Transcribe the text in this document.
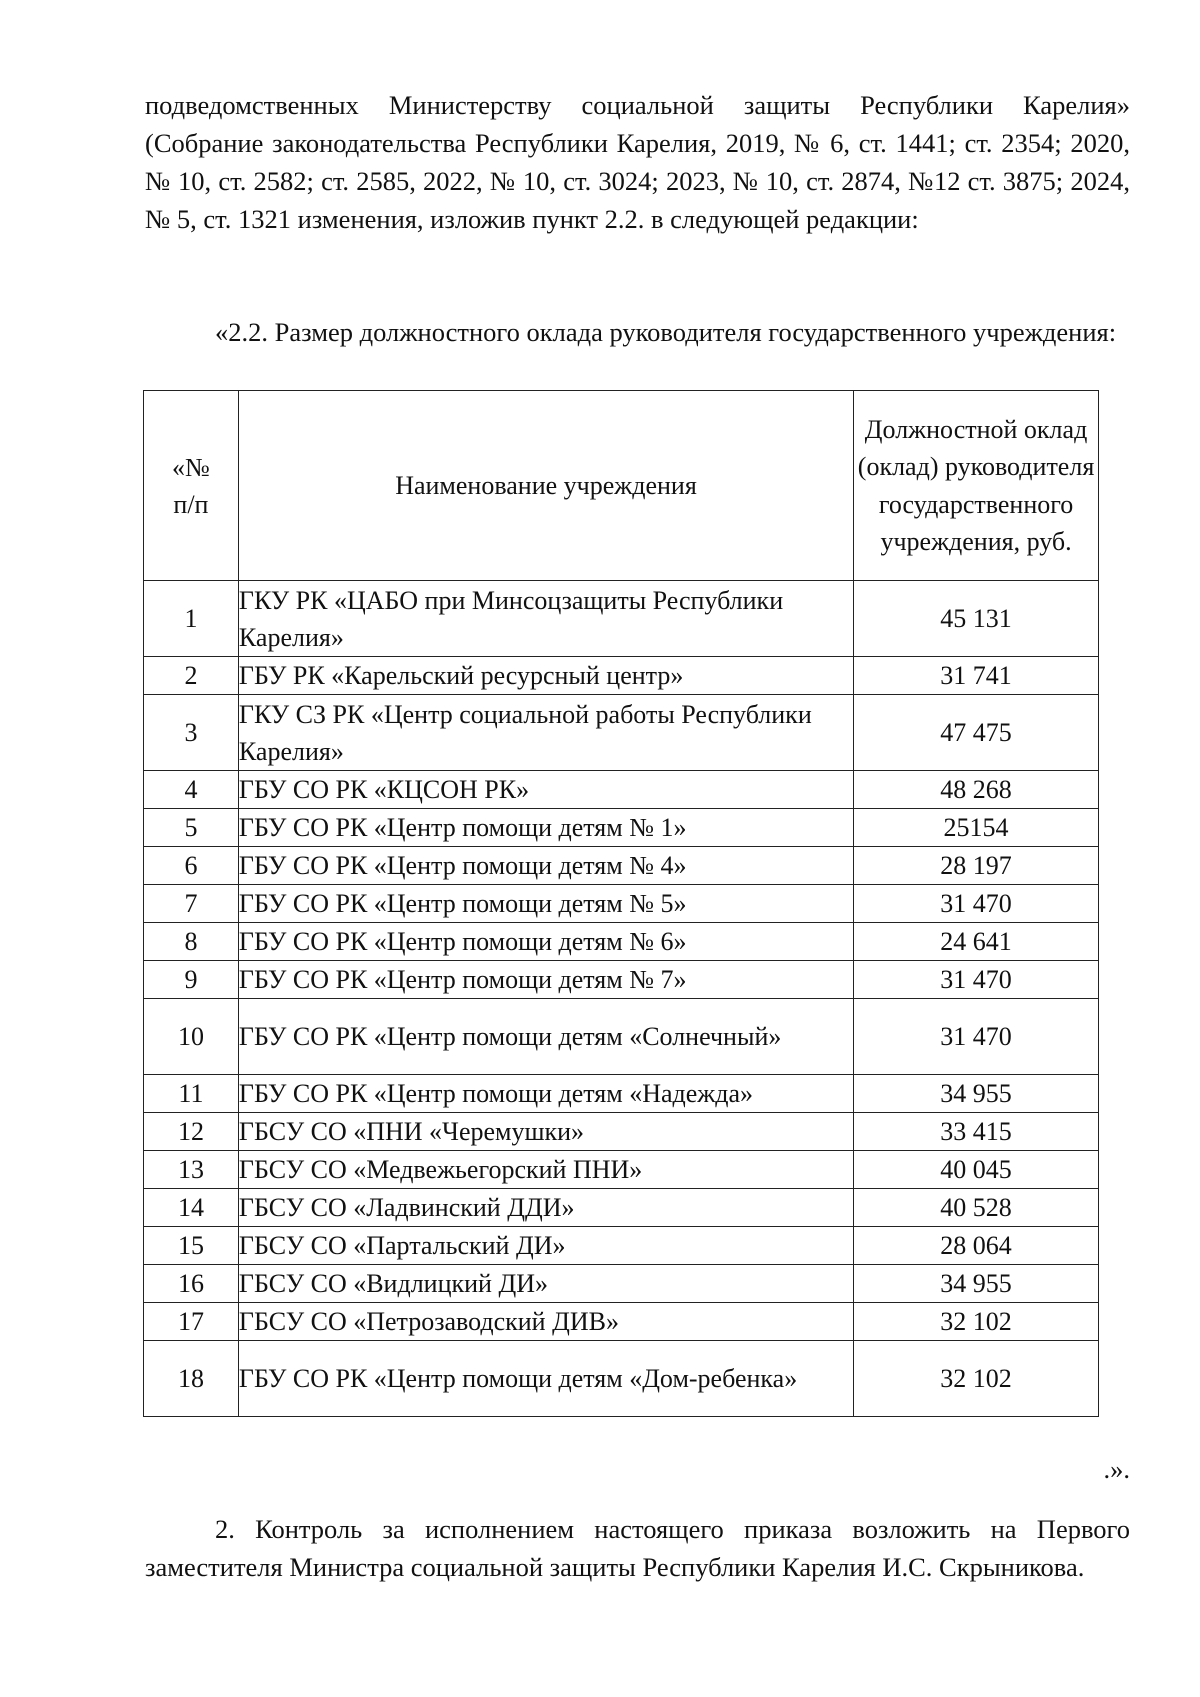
подведомственных Министерству социальной защиты Республики Карелия» (Собрание законодательства Республики Карелия, 2019, № 6, ст. 1441; ст. 2354; 2020, № 10, ст. 2582; ст. 2585, 2022, № 10, ст. 3024; 2023, № 10, ст. 2874, №12 ст. 3875; 2024, № 5, ст. 1321 изменения, изложив пункт 2.2. в следующей редакции:

«2.2. Размер должностного оклада руководителя государственного учреждения:

.».

2. Контроль за исполнением настоящего приказа возложить на Первого заместителя Министра социальной защиты Республики Карелия И.С. Скрыникова.

«№ п/п	Наименование учреждения	Должностной оклад (оклад) руководителя государственного учреждения, руб.
1	ГКУ РК «ЦАБО при Минсоцзащиты Республики Карелия»	45 131
2	ГБУ РК «Карельский ресурсный центр»	31 741
3	ГКУ СЗ РК «Центр социальной работы Республики Карелия»	47 475
4	ГБУ СО РК «КЦСОН РК»	48 268
5	ГБУ СО РК «Центр помощи детям № 1»	25154
6	ГБУ СО РК «Центр помощи детям № 4»	28 197
7	ГБУ СО РК «Центр помощи детям № 5»	31 470
8	ГБУ СО РК «Центр помощи детям № 6»	24 641
9	ГБУ СО РК «Центр помощи детям № 7»	31 470
10	ГБУ СО РК «Центр помощи детям «Солнечный»	31 470
11	ГБУ СО РК «Центр помощи детям «Надежда»	34 955
12	ГБСУ СО «ПНИ «Черемушки»	33 415
13	ГБСУ СО «Медвежьегорский ПНИ»	40 045
14	ГБСУ СО «Ладвинский ДДИ»	40 528
15	ГБСУ СО «Партальский ДИ»	28 064
16	ГБСУ СО «Видлицкий ДИ»	34 955
17	ГБСУ СО «Петрозаводский ДИВ»	32 102
18	ГБУ СО РК «Центр помощи детям «Дом-ребенка»	32 102
